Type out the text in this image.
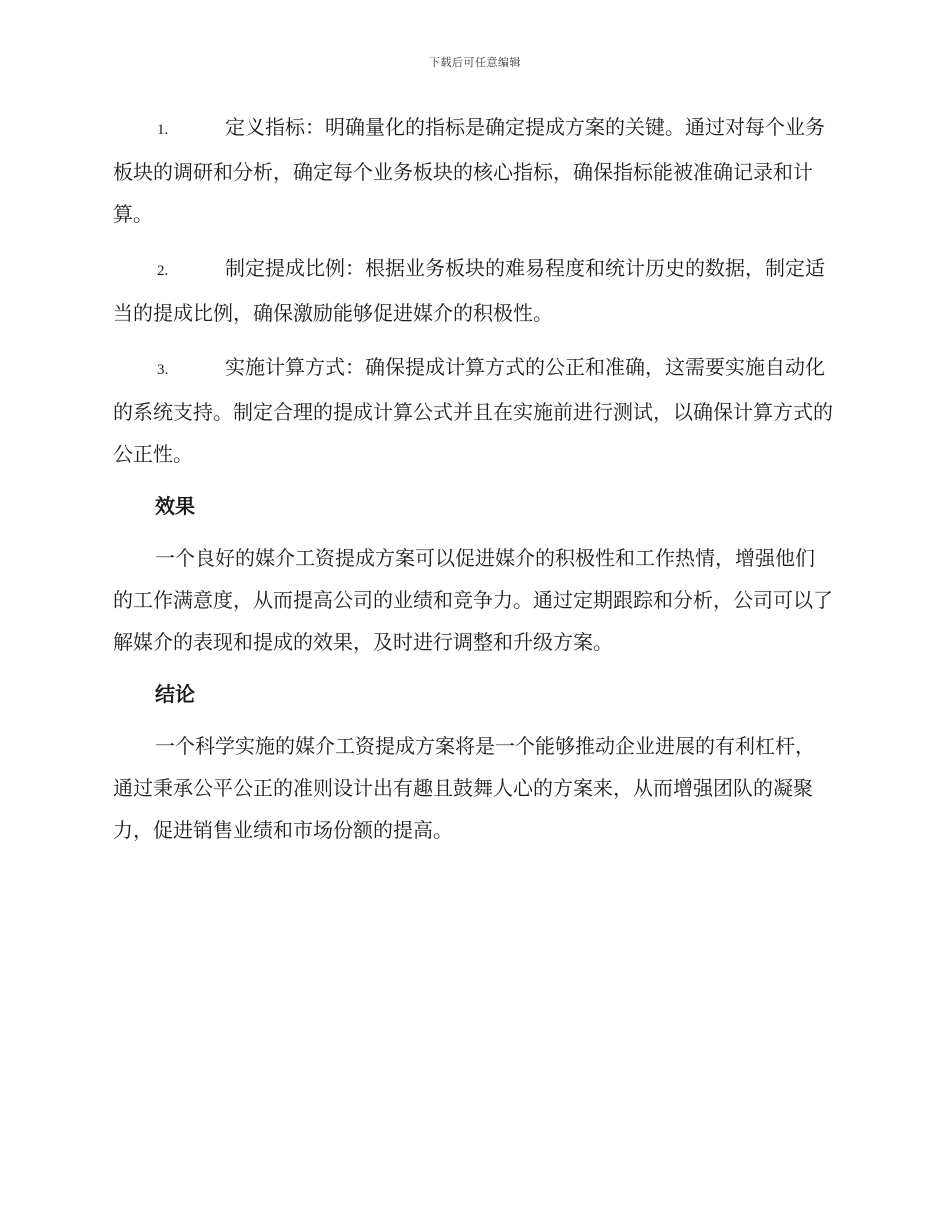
下载后可任意编辑

1.	定义指标：明确量化的指标是确定提成方案的关键。通过对每个业务板块的调研和分析，确定每个业务板块的核心指标，确保指标能被准确记录和计算。

2.	制定提成比例：根据业务板块的难易程度和统计历史的数据，制定适当的提成比例，确保激励能够促进媒介的积极性。

3.	实施计算方式：确保提成计算方式的公正和准确，这需要实施自动化的系统支持。制定合理的提成计算公式并且在实施前进行测试，以确保计算方式的公正性。

效果

一个良好的媒介工资提成方案可以促进媒介的积极性和工作热情，增强他们的工作满意度，从而提高公司的业绩和竞争力。通过定期跟踪和分析，公司可以了解媒介的表现和提成的效果，及时进行调整和升级方案。

结论

一个科学实施的媒介工资提成方案将是一个能够推动企业进展的有利杠杆，通过秉承公平公正的准则设计出有趣且鼓舞人心的方案来，从而增强团队的凝聚力，促进销售业绩和市场份额的提高。
